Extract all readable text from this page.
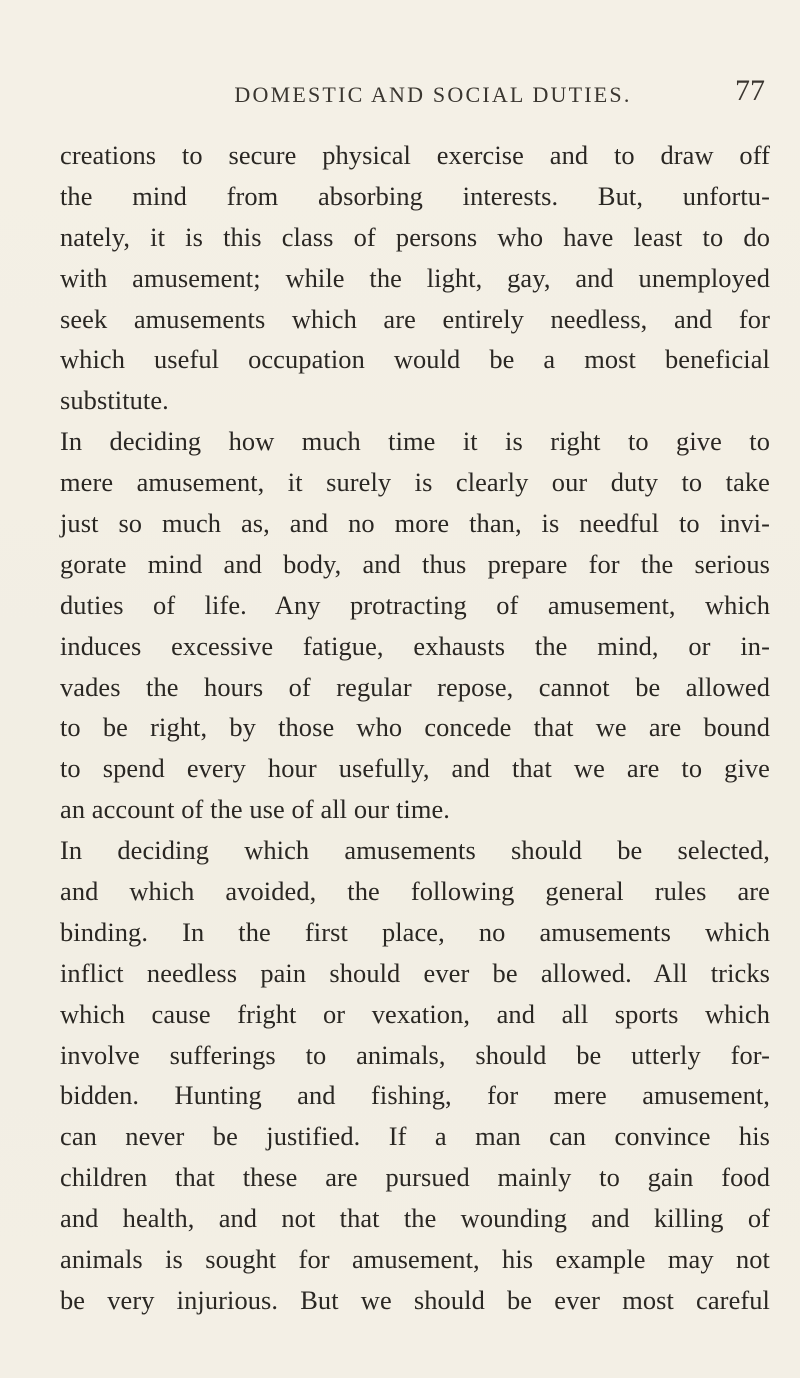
DOMESTIC AND SOCIAL DUTIES.	77
creations to secure physical exercise and to draw off
the mind from absorbing interests. But, unfortu-
nately, it is this class of persons who have least to do
with amusement; while the light, gay, and unemployed
seek amusements which are entirely needless, and for
which useful occupation would be a most beneficial
substitute.
In deciding how much time it is right to give to
mere amusement, it surely is clearly our duty to take
just so much as, and no more than, is needful to invi-
gorate mind and body, and thus prepare for the serious
duties of life. Any protracting of amusement, which
induces excessive fatigue, exhausts the mind, or in-
vades the hours of regular repose, cannot be allowed
to be right, by those who concede that we are bound
to spend every hour usefully, and that we are to give
an account of the use of all our time.
In deciding which amusements should be selected,
and which avoided, the following general rules are
binding. In the first place, no amusements which
inflict needless pain should ever be allowed. All tricks
which cause fright or vexation, and all sports which
involve sufferings to animals, should be utterly for-
bidden. Hunting and fishing, for mere amusement,
can never be justified. If a man can convince his
children that these are pursued mainly to gain food
and health, and not that the wounding and killing of
animals is sought for amusement, his example may not
be very injurious. But we should be ever most careful
